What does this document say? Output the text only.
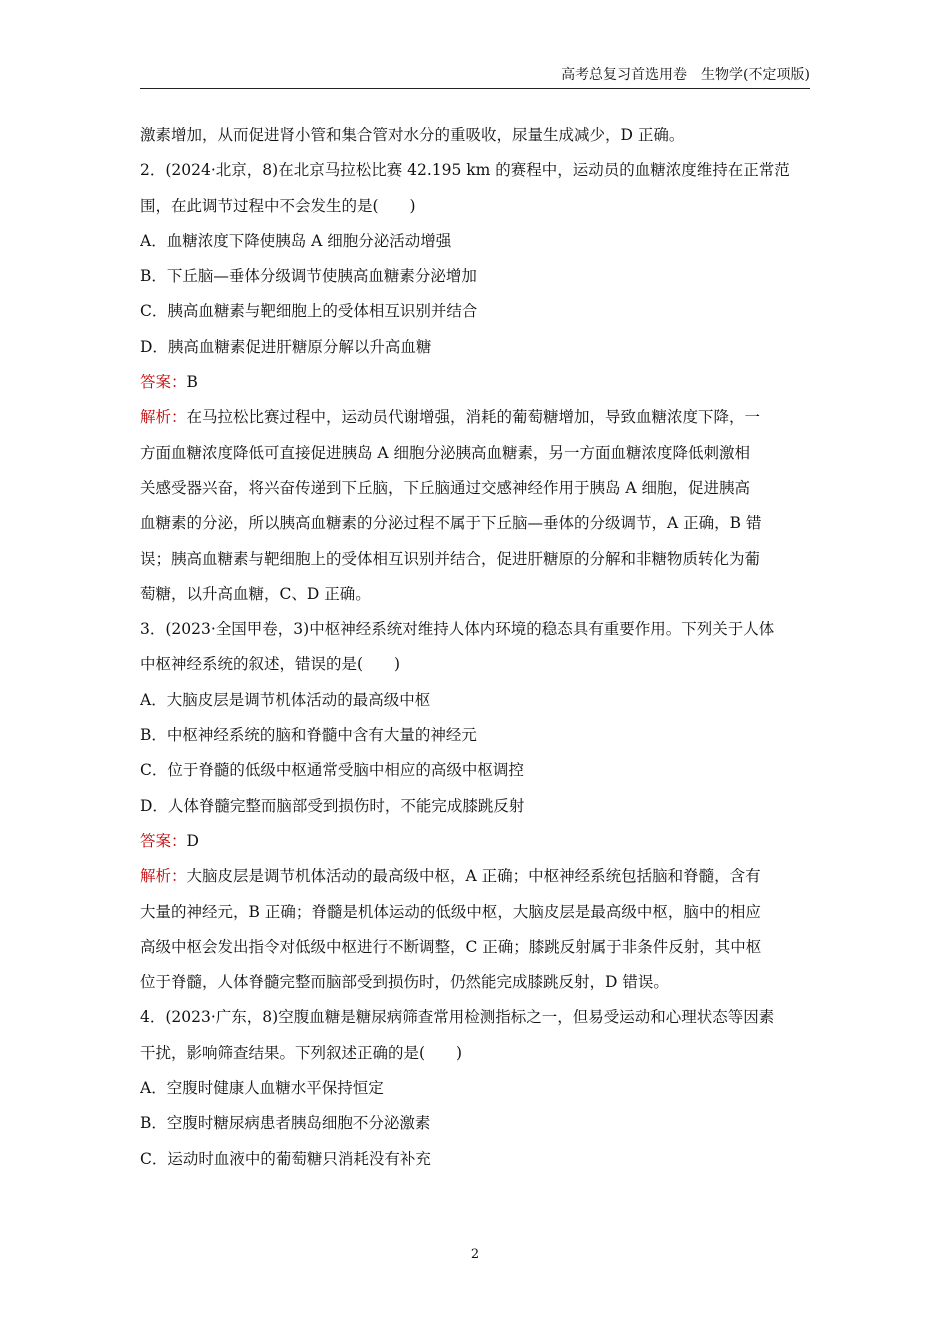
高考总复习首选用卷　生物学(不定项版)

激素增加，从而促进肾小管和集合管对水分的重吸收，尿量生成减少，D 正确。

2．(2024·北京，8)在北京马拉松比赛 42.195 km 的赛程中，运动员的血糖浓度维持在正常范

围，在此调节过程中不会发生的是(　　)

A．血糖浓度下降使胰岛 A 细胞分泌活动增强

B．下丘脑—垂体分级调节使胰高血糖素分泌增加

C．胰高血糖素与靶细胞上的受体相互识别并结合

D．胰高血糖素促进肝糖原分解以升高血糖

答案：B

解析：在马拉松比赛过程中，运动员代谢增强，消耗的葡萄糖增加，导致血糖浓度下降，一

方面血糖浓度降低可直接促进胰岛 A 细胞分泌胰高血糖素，另一方面血糖浓度降低刺激相

关感受器兴奋，将兴奋传递到下丘脑，下丘脑通过交感神经作用于胰岛 A 细胞，促进胰高

血糖素的分泌，所以胰高血糖素的分泌过程不属于下丘脑—垂体的分级调节，A 正确，B 错

误；胰高血糖素与靶细胞上的受体相互识别并结合，促进肝糖原的分解和非糖物质转化为葡

萄糖，以升高血糖，C、D 正确。

3．(2023·全国甲卷，3)中枢神经系统对维持人体内环境的稳态具有重要作用。下列关于人体

中枢神经系统的叙述，错误的是(　　)

A．大脑皮层是调节机体活动的最高级中枢

B．中枢神经系统的脑和脊髓中含有大量的神经元

C．位于脊髓的低级中枢通常受脑中相应的高级中枢调控

D．人体脊髓完整而脑部受到损伤时，不能完成膝跳反射

答案：D

解析：大脑皮层是调节机体活动的最高级中枢，A 正确；中枢神经系统包括脑和脊髓，含有

大量的神经元，B 正确；脊髓是机体运动的低级中枢，大脑皮层是最高级中枢，脑中的相应

高级中枢会发出指令对低级中枢进行不断调整，C 正确；膝跳反射属于非条件反射，其中枢

位于脊髓，人体脊髓完整而脑部受到损伤时，仍然能完成膝跳反射，D 错误。

4．(2023·广东，8)空腹血糖是糖尿病筛查常用检测指标之一，但易受运动和心理状态等因素

干扰，影响筛查结果。下列叙述正确的是(　　)

A．空腹时健康人血糖水平保持恒定

B．空腹时糖尿病患者胰岛细胞不分泌激素

C．运动时血液中的葡萄糖只消耗没有补充

2
